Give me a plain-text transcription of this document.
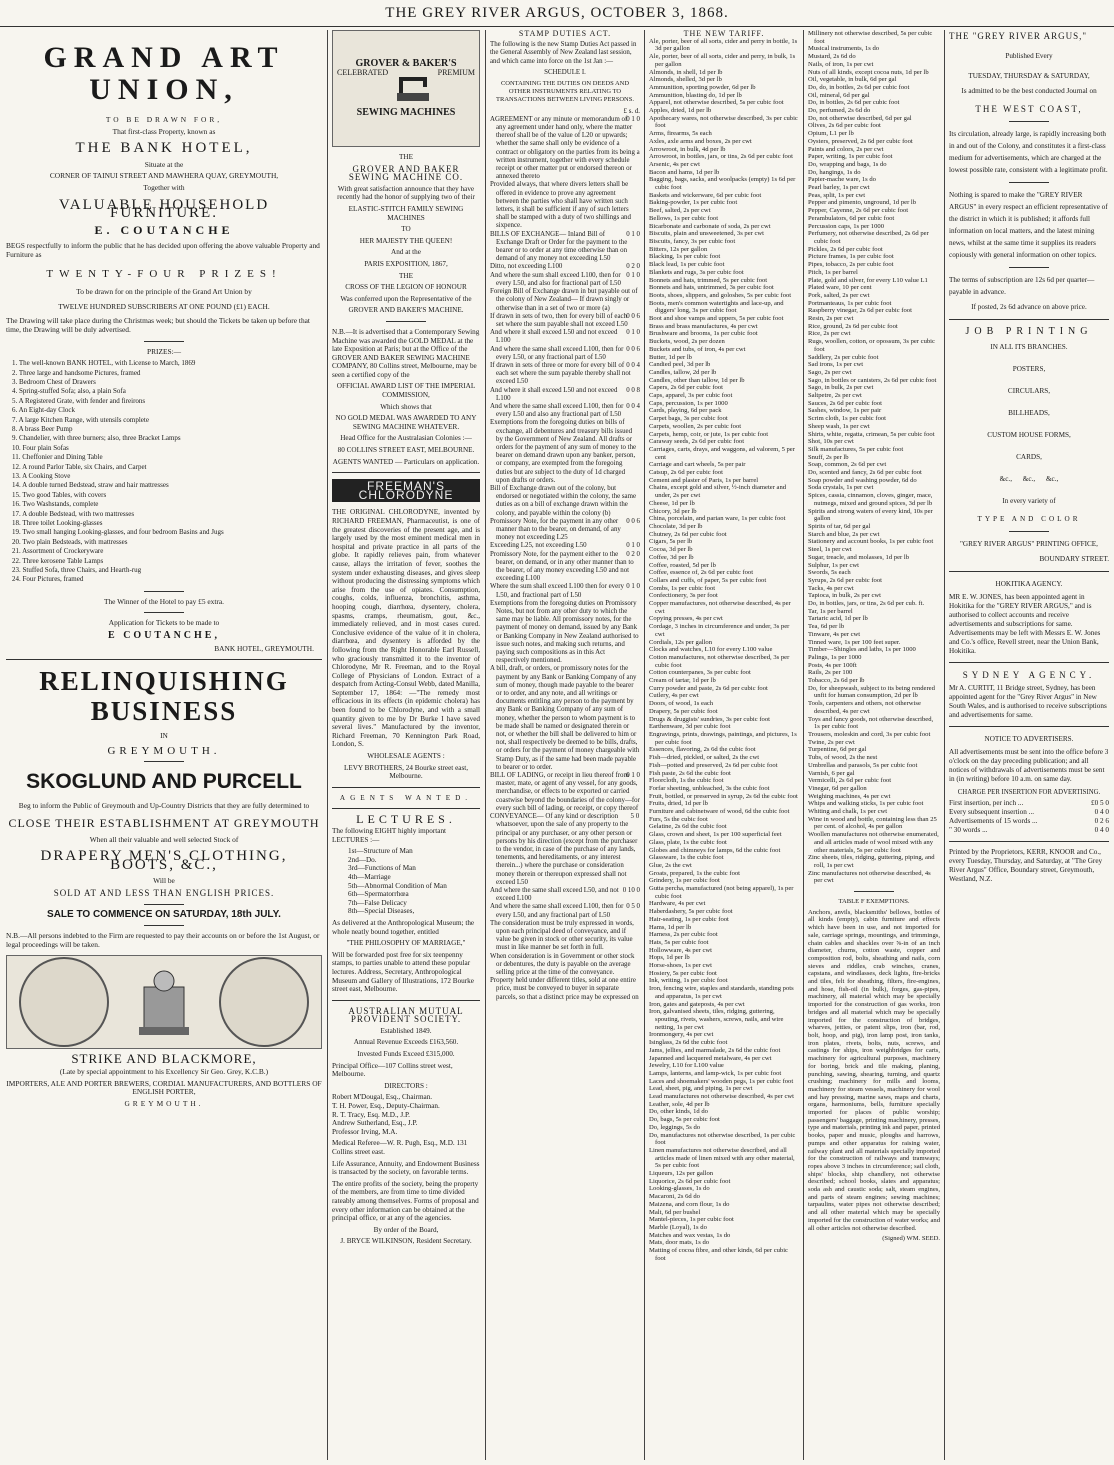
THE GREY RIVER ARGUS, OCTOBER 3, 1868.
GRAND ART UNION,
TO BE DRAWN FOR,
That first-class Property, known as
THE BANK HOTEL,
Situate at the
CORNER OF TAINUI STREET AND MAWHERA QUAY, GREYMOUTH,
Together with
VALUABLE HOUSEHOLD FURNITURE.
E. COUTANCHE
BEGS respectfully to inform the public that he has decided upon offering the above valuable Property and Furniture as
TWENTY-FOUR PRIZES!
To be drawn for on the principle of the Grand Art Union by
TWELVE HUNDRED SUBSCRIBERS AT ONE POUND (£1) EACH.
The Drawing will take place during the Christmas week; but should the Tickets be taken up before that time, the Drawing will be duly advertised.
PRIZES:—
1. The well-known BANK HOTEL, with License to March, 1869
2. Three large and handsome Pictures, framed
3. Bedroom Chest of Drawers
4. Spring-stuffed Sofa; also, a plain Sofa
5. A Registered Grate, with fender and fireirons
6. An Eight-day Clock
7. A large Kitchen Range, with utensils complete
8. A brass Beer Pump
9. Chandelier, with three burners; also, three Bracket Lamps
10. Four plain Sofas
11. Cheffonier and Dining Table
12. A round Parlor Table, six Chairs, and Carpet
13. A Cooking Stove
14. A double turned Bedstead, straw and hair mattresses
15. Two good Tables, with covers
16. Two Washstands, complete
17. A double Bedstead, with two mattresses
18. Three toilet Looking-glasses
19. Two small hanging Looking-glasses, and four bedroom Basins and Jugs
20. Two plain Bedsteads, with mattresses
21. Assortment of Crockeryware
22. Three kerosene Table Lamps
23. Stuffed Sofa, three Chairs, and Hearth-rug
24. Four Pictures, framed
The Winner of the Hotel to pay £5 extra.
Application for Tickets to be made to
E COUTANCHE,
BANK HOTEL, GREYMOUTH.
RELINQUISHING BUSINESS
IN
GREYMOUTH.
SKOGLUND AND PURCELL
Beg to inform the Public of Greymouth and Up-Country Districts that they are fully determined to
CLOSE THEIR ESTABLISHMENT AT GREYMOUTH
When all their valuable and well selected Stock of
DRAPERY MEN'S CLOTHING, BOOTS, &C.,
Will be
SOLD AT AND LESS THAN ENGLISH PRICES.
SALE TO COMMENCE ON SATURDAY, 18th JULY.
N.B.—All persons indebted to the Firm are requested to pay their accounts on or before the 1st August, or legal proceedings will be taken.
STRIKE AND BLACKMORE,
(Late by special appointment to his Excellency Sir Geo. Grey, K.C.B.)
IMPORTERS, ALE AND PORTER BREWERS, CORDIAL MANUFACTURERS, AND BOTTLERS OF ENGLISH PORTER,
GREYMOUTH.
GROVER & BAKER'S
CELEBRATED	PREMIUM
SEWING MACHINES
THE
GROVER AND BAKER SEWING MACHINE CO.
With great satisfaction announce that they have recently had the honor of supplying two of their
ELASTIC-STITCH FAMILY SEWING MACHINES
TO
HER MAJESTY THE QUEEN!
And at the
PARIS EXPOSITION, 1867,
THE
CROSS OF THE LEGION OF HONOUR
Was conferred upon the Representative of the
GROVER AND BAKER'S MACHINE.
N.B.—It is advertised that a Contemporary Sewing Machine was awarded the GOLD MEDAL at the late Exposition at Paris; but at the Office of the GROVER AND BAKER SEWING MACHINE COMPANY, 80 Collins street, Melbourne, may be seen a certified copy of the
OFFICIAL AWARD LIST OF THE IMPERIAL COMMISSION,
Which shows that
NO GOLD MEDAL WAS AWARDED TO ANY SEWING MACHINE WHATEVER.
Head Office for the Australasian Colonies :—
80 COLLINS STREET EAST, MELBOURNE.
AGENTS WANTED — Particulars on application.
FREEMAN'S CHLORODYNE
THE ORIGINAL CHLORODYNE, invented by RICHARD FREEMAN, Pharmaceutist, is one of the greatest discoveries of the present age, and is largely used by the most eminent medical men in hospital and private practice in all parts of the globe. It rapidly relieves pain, from whatever cause, allays the irritation of fever, soothes the system under exhausting diseases, and gives sleep without producing the distressing symptoms which arise from the use of opiates. Consumption, coughs, colds, influenza, bronchitis, asthma, hooping cough, diarrhœa, dysentery, cholera, spasms, cramps, rheumatism, gout, &c., immediately relieved, and in most cases cured. Conclusive evidence of the value of it in cholera, diarrhœa, and dysentery is afforded by the following from the Right Honorable Earl Russell, who graciously transmitted it to the inventor of Chlorodyne, Mr R. Freeman, and to the Royal College of Physicians of London. Extract of a despatch from Acting-Consul Webb, dated Manilla, September 17, 1864: —"The remedy most efficacious in its effects (in epidemic cholera) has been found to be Chlorodyne, and with a small quantity given to me by Dr Burke I have saved several lives." Manufactured by the inventor, Richard Freeman, 70 Kennington Park Road, London, S.
WHOLESALE AGENTS :
LEVY BROTHERS, 24 Bourke street east, Melbourne.
AGENTS WANTED.
LECTURES.
The following EIGHT highly important LECTURES :—
1st—Structure of Man
2nd—Do.
3rd—Functions of Man
4th—Marriage
5th—Abnormal Condition of Man
6th—Spermatorrhœa
7th—False Delicacy
8th—Special Diseases,
As delivered at the Anthropological Museum; the whole neatly bound together, entitled
"THE PHILOSOPHY OF MARRIAGE,"
Will be forwarded post free for six teenpenny stamps, to parties unable to attend these popular lectures. Address, Secretary, Anthropological Museum and Gallery of Illustrations, 172 Bourke street east, Melbourne.
AUSTRALIAN MUTUAL PROVIDENT SOCIETY.
Established 1849.
Annual Revenue Exceeds £163,560.
Invested Funds Exceed £315,000.
Principal Office—107 Collins street west, Melbourne.
DIRECTORS :
Robert M'Dougal, Esq., Chairman.
T. H. Power, Esq., Deputy-Chairman.
R. T. Tracy, Esq. M.D., J.P.
Andrew Sutherland, Esq., J.P.
Professor Irving, M.A.
Medical Referee—W. R. Pugh, Esq., M.D. 131 Collins street east.
Life Assurance, Annuity, and Endowment Business is transacted by the society, on favorable terms.
The entire profits of the society, being the property of the members, are from time to time divided rateably among themselves. Forms of proposal and every other information can be obtained at the principal office, or at any of the agencies.
By order of the Board,
J. BRYCE WILKINSON, Resident Secretary.
STAMP DUTIES ACT.
The following is the new Stamp Duties Act passed in the General Assembly of New Zealand last session, and which came into force on the 1st Jan :—
SCHEDULE I.
CONTAINING THE DUTIES ON DEEDS AND OTHER INSTRUMENTS RELATING TO TRANSACTIONS BETWEEN LIVING PERSONS.
£ s. d.
0 1 0
AGREEMENT or any minute or memorandum of any agreement under hand only, where the matter thereof shall be of the value of L20 or upwards; whether the same shall only be evidence of a contract or obligatory on the parties from its being a written instrument, together with every schedule receipt or other matter put or endorsed thereon or annexed thereto
Provided always, that where divers letters shall be offered in evidence to prove any agreement between the parties who shall have written such letters, it shall be sufficient if any of such letters shall be stamped with a duty of two shillings and sixpence.
0 1 0
BILLS OF EXCHANGE— Inland Bill of Exchange Draft or Order for the payment to the bearer or to order at any time otherwise than on demand of any money not exceeding L50
0 2 0
Ditto, not exceeding L100
0 1 0
And where the sum shall exceed L100, then for every L50, and also for fractional part of L50
Foreign Bill of Exchange drawn in but payable out of the colony of New Zealand— If drawn singly or otherwise than in a set of two or more (a)
0 0 6
If drawn in sets of two, then for every bill of each set where the sum payable shall not exceed L50
0 1 0
And where it shall exceed L50 and not exceed L100
0 0 6
And where the same shall exceed L100, then for every L50, or any fractional part of L50
0 0 4
If drawn in sets of three or more for every bill of each set where the sum payable thereby shall not exceed L50
0 0 8
And where it shall exceed L50 and not exceed L100
0 0 4
And where the same shall exceed L100, then for every L50 and also any fractional part of L50
Exemptions from the foregoing duties on bills of exchange, all debentures and treasury bills issued by the Government of New Zealand. All drafts or orders for the payment of any sum of money to the bearer on demand drawn upon any banker, person, or company, are exempted from the foregoing duties but are subject to the duty of 1d charged upon drafts or orders.
Bill of Exchange drawn out of the colony, but endorsed or negotiated within the colony, the same duties as on a bill of exchange drawn within the colony, and payable within the colony (b)
0 0 6
Promissory Note, for the payment in any other manner than to the bearer, on demand, of any money not exceeding L25
0 1 0
Exceeding L25, not exceeding L50
0 2 0
Promissory Note, for the payment either to the bearer, on demand, or in any other manner than to the bearer, of any money exceeding L50 and not exceeding L100
0 1 0
Where the sum shall exceed L100 then for every L50, and fractional part of L50
Exemptions from the foregoing duties on Promissory Notes, but not from any other duty to which the same may be liable. All promissory notes, for the payment of money on demand, issued by any Bank or Banking Company in New Zealand authorised to issue such notes, and making such returns, and paying such compositions as in this Act respectively mentioned.
A bill, draft, or orders, or promissory notes for the payment by any Bank or Banking Company of any sum of money, though made payable to the bearer or to order, and any note, and all writings or documents entitling any person to the payment by any Bank or Banking Company of any sum of money, whether the person to whom payment is to be made shall be named or designated therein or not, or whether the bill shall be delivered to him or not, shall respectively be deemed to be bills, drafts, or orders for the payment of money chargeable with Stamp Duty, as if the same had been made payable to bearer or to order.
0 1 0
BILL OF LADING, or receipt in lieu thereof from master, mate, or agent of any vessel, for any goods, merchandise, or effects to be exported or carried coastwise beyond the boundaries of the colony—for every such bill of lading, or receipt, or copy thereof
5 0
CONVEYANCE— Of any kind or description whatsoever, upon the sale of any property to the principal or any purchaser, or any other person or persons by his direction (except from the purchaser to the vendor, in case of the purchase of any lands, tenements, and hereditaments, or any interest therein...) where the purchase or consideration money therein or thereupon expressed shall not exceed L50
0 10 0
And where the same shall exceed L50, and not exceed L100
0 5 0
And where the same shall exceed L100, then for every L50, and any fractional part of L50
The consideration must be truly expressed in words, upon each principal deed of conveyance, and if value be given in stock or other security, its value must in like manner be set forth in full.
When consideration is in Government or other stock or debentures, the duty is payable on the average selling price at the time of the conveyance.
Property held under different titles, sold at one entire price, must be conveyed to buyer in separate parcels, so that a distinct price may be expressed on
THE NEW TARIFF.
Ale, porter, beer of all sorts, cider and perry in bottle, 1s 3d per gallon
Ale, porter, beer of all sorts, cider and perry, in bulk, 1s per gallon
Almonds, in shell, 1d per lb
Almonds, shelled, 3d per lb
Ammunition, sporting powder, 6d per lb
Ammunition, blasting do, 1d per lb
Apparel, not otherwise described, 5s per cubic foot
Apples, dried, 1d per lb
Apothecary wares, not otherwise described, 3s per cubic foot
Arms, firearms, 5s each
Axles, axle arms and boxes, 2s per cwt
Arrowroot, in bulk, 4d per lb
Arrowroot, in bottles, jars, or tins, 2s 6d per cubic foot
Arsenic, 4s per cwt
Bacon and hams, 1d per lb
Bagging, bags, sacks, and woolpacks (empty) 1s 6d per cubic foot
Baskets and wickerware, 6d per cubic foot
Baking-powder, 1s per cubic foot
Beef, salted, 2s per cwt
Bellows, 1s per cubic foot
Bicarbonate and carbonate of soda, 2s per cwt
Biscuits, plain and unsweetened, 3s per cwt
Biscuits, fancy, 3s per cubic foot
Bitters, 12s per gallon
Blacking, 1s per cubic foot
Black lead, 1s per cubic foot
Blankets and rugs, 3s per cubic foot
Bonnets and hats, trimmed, 5s per cubic foot
Bonnets and hats, untrimmed, 3s per cubic foot
Boots, shoes, slippers, and goloshes, 5s per cubic foot
Boots, men's common watertights and lace-up, and diggers' long, 3s per cubic foot
Boot and shoe vamps and uppers, 5s per cubic foot
Brass and brass manufactures, 4s per cwt
Brushware and brooms, 1s per cubic foot
Buckets, wood, 2s per dozen
Buckets and tubs, of iron, 4s per cwt
Butter, 1d per lb
Candied peel, 3d per lb
Candles, tallow, 2d per lb
Candles, other than tallow, 1d per lb
Capers, 2s 6d per cubic foot
Caps, apparel, 3s per cubic foot
Caps, percussion, 1s per 1000
Cards, playing, 6d per pack
Carpet bags, 3s per cubic foot
Carpets, woollen, 2s per cubic foot
Carpets, hemp, coir, or jute, 1s per cubic foot
Caraway seeds, 2s 6d per cubic foot
Carriages, carts, drays, and waggons, ad valorem, 5 per cent
Carriage and cart wheels, 5s per pair
Catsup, 2s 6d per cubic foot
Cement and plaster of Paris, 1s per barrel
Chains, except gold and silver, ½-inch diameter and under, 2s per cwt
Cheese, 1d per lb
Chicory, 3d per lb
China, porcelain, and parian ware, 1s per cubic foot
Chocolate, 3d per lb
Chutney, 2s 6d per cubic foot
Cigars, 5s per lb
Cocoa, 3d per lb
Coffee, 3d per lb
Coffee, roasted, 5d per lb
Coffee, essence of, 2s 6d per cubic foot
Collars and cuffs, of paper, 5s per cubic foot
Combs, 1s per cubic foot
Confectionery, 3s per foot
Copper manufactures, not otherwise described, 4s per cwt
Copying presses, 4s per cwt
Cordage, 3 inches in circumference and under, 3s per cwt
Cordials, 12s per gallon
Clocks and watches, L10 for every L100 value
Cotton manufactures, not otherwise described, 3s per cubic foot
Cotton counterpanes, 3s per cubic foot
Cream of tartar, 1d per lb
Curry powder and paste, 2s 6d per cubic foot
Cutlery, 4s per cwt
Doors, of wood, 1s each
Drapery, 5s per cubic foot
Drugs & druggists' sundries, 3s per cubic foot
Earthenware, 3d per cubic foot
Engravings, prints, drawings, paintings, and pictures, 1s per cubic foot
Essences, flavoring, 2s 6d the cubic foot
Fish—dried, pickled, or salted, 2s the cwt
Fish—potted and preserved, 2s 6d per cubic foot
Fish paste, 2s 6d the cubic foot
Floorcloth, 1s the cubic foot
Forfar sheeting, unbleached, 3s the cubic foot
Fruit, bottled, or preserved in syrup, 2s 6d the cubic foot
Fruits, dried, 1d per lb
Furniture and cabinetware of wood, 6d the cubic foot
Furs, 5s the cubic foot
Gelatine, 2s 6d the cubic foot
Glass, crown and sheet, 1s per 100 superficial feet
Glass, plate, 1s the cubic foot
Globes and chimneys for lamps, 6d the cubic foot
Glassware, 1s the cubic foot
Glue, 2s the cwt
Groats, prepared, 1s the cubic foot
Grindery, 1s per cubic foot
Gutta percha, manufactured (not being apparel), 1s per cubic foot
Hardware, 4s per cwt
Haberdashery, 5s per cubic foot
Hair-seating, 1s per cubic foot
Hams, 1d per lb
Harness, 2s per cubic foot
Hats, 5s per cubic foot
Hollowware, 4s per cwt
Hops, 1d per lb
Horse-shoes, 1s per cwt
Hosiery, 5s per cubic foot
Ink, writing, 1s per cubic foot
Iron, fencing wire, staples and standards, standing pots and apparatus, 1s per cwt
Iron, gates and gateposts, 4s per cwt
Iron, galvanised sheets, tiles, ridging, guttering, spouting, rivets, washers, screws, nails, and wire netting, 1s per cwt
Ironmongery, 4s per cwt
Isinglass, 2s 6d the cubic foot
Jams, jellies, and marmalade, 2s 6d the cubic foot
Japanned and lacquered metalware, 4s per cwt
Jewelry, L10 for L100 value
Lamps, lanterns, and lamp-wick, 1s per cubic foot
Laces and shoemakers' wooden pegs, 1s per cubic foot
Lead, sheet, pig, and piping, 1s per cwt
Lead manufactures not otherwise described, 4s per cwt
Leather, sole, 4d per lb
Do, other kinds, 1d do
Do, bags, 5s per cubic foot
Do, leggings, 5s do
Do, manufactures not otherwise described, 1s per cubic foot
Linen manufactures not otherwise described, and all articles made of linen mixed with any other material, 5s per cubic foot
Liqueurs, 12s per gallon
Liquorice, 2s 6d per cubic foot
Looking-glasses, 1s do
Macaroni, 2s 6d do
Maizena, and corn flour, 1s do
Malt, 6d per bushel
Mantel-pieces, 1s per cubic foot
Marble (Loyal), 1s do
Matches and wax vestas, 1s do
Mats, door mats, 1s do
Matting of cocoa fibre, and other kinds, 6d per cubic foot
Millinery not otherwise described, 5s per cubic foot
Musical instruments, 1s do
Mustard, 2s 6d do
Nails, of iron, 1s per cwt
Nuts of all kinds, except cocoa nuts, 1d per lb
Oil, vegetable, in bulk, 6d per gal
Do, do, in bottles, 2s 6d per cubic foot
Oil, mineral, 6d per gal
Do, in bottles, 2s 6d per cubic foot
Do, perfumed, 2s 6d do
Do, not otherwise described, 6d per gal
Olives, 2s 6d per cubic foot
Opium, L1 per lb
Oysters, preserved, 2s 6d per cubic foot
Paints and colors, 2s per cwt
Paper, writing, 1s per cubic foot
Do, wrapping and bags, 1s do
Do, hangings, 1s do
Papier-mache ware, 1s do
Pearl barley, 1s per cwt
Peas, split, 1s per cwt
Pepper and pimento, unground, 1d per lb
Pepper, Cayenne, 2s 6d per cubic foot
Perambulators, 6d per cubic foot
Percussion caps, 1s per 1000
Perfumery, not otherwise described, 2s 6d per cubic foot
Pickles, 2s 6d per cubic foot
Picture frames, 1s per cubic foot
Pipes, tobacco, 2s per cubic foot
Pitch, 1s per barrel
Plate, gold and silver, for every L10 value L1
Plated ware, 10 per cent
Pork, salted, 2s per cwt
Portmanteaus, 1s per cubic foot
Raspberry vinegar, 2s 6d per cubic foot
Resin, 2s per cwt
Rice, ground, 2s 6d per cubic foot
Rice, 2s per cwt
Rugs, woollen, cotton, or opossum, 3s per cubic foot
Saddlery, 2s per cubic foot
Sad irons, 1s per cwt
Sago, 2s per cwt
Sago, in bottles or canisters, 2s 6d per cubic foot
Sago, in bulk, 2s per cwt
Saltpetre, 2s per cwt
Sauces, 2s 6d per cubic foot
Sashes, window, 1s per pair
Scrim cloth, 1s per cubic foot
Sheep wash, 1s per cwt
Shirts, white, regatta, crimean, 5s per cubic foot
Shot, 10s per cwt
Silk manufactures, 5s per cubic foot
Snuff, 2s per lb
Soap, common, 2s 6d per cwt
Do, scented and fancy, 2s 6d per cubic foot
Soap powder and washing powder, 6d do
Soda crystals, 1s per cwt
Spices, cassia, cinnamon, cloves, ginger, mace, nutmegs, mixed and ground spices, 3d per lb
Spirits and strong waters of every kind, 10s per gallon
Spirits of tar, 6d per gal
Starch and blue, 2s per cwt
Stationery and account books, 1s per cubic foot
Steel, 1s per cwt
Sugar, treacle, and molasses, 1d per lb
Sulphur, 1s per cwt
Swords, 5s each
Syrups, 2s 6d per cubic foot
Tacks, 4s per cwt
Tapioca, in bulk, 2s per cwt
Do, in bottles, jars, or tins, 2s 6d per cub. ft.
Tar, 1s per barrel
Tartaric acid, 1d per lb
Tea, 6d per lb
Tinware, 4s per cwt
Tinned ware, 1s per 100 feet super.
Timber—Shingles and laths, 1s per 1000
Palings, 1s per 1000
Posts, 4s per 100ft
Rails, 2s per 100
Tobacco, 2s 6d per lb
Do, for sheepwash, subject to its being rendered unfit for human consumption, 2d per lb
Tools, carpenters and others, not otherwise described, 4s per cwt
Toys and fancy goods, not otherwise described, 1s per cubic foot
Trousers, moleskin and cord, 3s per cubic foot
Twine, 2s per cwt
Turpentine, 6d per gal
Tubs, of wood, 2s the nest
Umbrellas and parasols, 5s per cubic foot
Varnish, 6 per gal
Vermicelli, 2s 6d per cubic foot
Vinegar, 6d per gallon
Weighing machines, 4s per cwt
Whips and walking sticks, 1s per cubic foot
Whiting and chalk, 1s per cwt
Wine in wood and bottle, containing less than 25 per cent. of alcohol, 4s per gallon
Woollen manufactures not otherwise enumerated, and all articles made of wool mixed with any other materials, 5s per cubic foot
Zinc sheets, tiles, ridging, guttering, piping, and roll, 1s per cwt
Zinc manufactures not otherwise described, 4s per cwt
TABLE F EXEMPTIONS.
Anchors, anvils, blacksmiths' bellows, bottles of all kinds (empty), cabin furniture and effects which have been in use, and not imported for sale, carriage springs, mountings, and trimmings, chain cables and shackles over ⅝-in of an inch diameter, churns, cotton waste, copper and composition rod, bolts, sheathing and nails, corn sieves and riddles, crab winches, cranes, capstans, and windlasses, deck lights, fire-bricks and tiles, felt for sheathing, filters, fire-engines, and hose, fish-oil (in bulk), forges, gas-pipes, machinery, all material which may be specially imported for the construction of gas works, iron bridges and all material which may be specially imported for the construction of bridges, wharves, jetties, or patent slips, iron (bar, rod, bolt, hoop, and pig), iron lamp post, iron tanks, iron plates, rivets, bolts, nuts, screws, and castings for ships, iron weighbridges for carts, machinery for agricultural purposes, machinery for boring, brick and tile making, planing, punching, sawing, shearing, turning, and quartz crushing; machinery for mills and looms, machinery for steam vessels, machinery for wool and hay pressing, marine saws, maps and charts, organs, harmoniums, bells, furniture specially imported for places of public worship; passengers' baggage, printing machinery, presses, type and materials, printing ink and paper, printed books, paper and music, ploughs and harrows, pumps and other apparatus for raising water, railway plant and all materials specially imported for the construction of railways and tramways; ropes above 3 inches in circumference; sail cloth, ships' blocks, ship chandlery, not otherwise described; school books, slates and apparatus; soda ash and caustic soda; salt, steam engines, and parts of steam engines; sewing machines; tarpaulins, water pipes not otherwise described; and all other material which may be specially imported for the construction of water works; and all other articles not otherwise described.
(Signed) WM. SEED.
THE "GREY RIVER ARGUS,"
Published Every
TUESDAY, THURSDAY & SATURDAY,
Is admitted to be the best conducted Journal on
THE WEST COAST,
Its circulation, already large, is rapidly increasing both in and out of the Colony, and constitutes it a first-class medium for advertisements, which are charged at the lowest possible rate, consistent with a legitimate profit.
Nothing is spared to make the "GREY RIVER ARGUS" in every respect an efficient representative of the district in which it is published; it affords full information on local matters, and the latest mining news, whilst at the same time it supplies its readers copiously with general information on other topics.
The terms of subscription are 12s 6d per quarter—payable in advance.
If posted, 2s 6d advance on above price.
JOB PRINTING
IN ALL ITS BRANCHES.
POSTERS,
CIRCULARS,
BILLHEADS,
CUSTOM HOUSE FORMS,
CARDS,
&c.,      &c.,      &c.,
In every variety of
TYPE AND COLOR
"GREY RIVER ARGUS" PRINTING OFFICE,
BOUNDARY STREET.
HOKITIKA AGENCY.
MR E. W. JONES, has been appointed agent in Hokitika for the "GREY RIVER ARGUS," and is authorised to collect accounts and receive advertisements and subscriptions for same. Advertisements may be left with Messrs E. W. Jones and Co.'s office, Revell street, near the Union Bank, Hokitika.
SYDNEY AGENCY.
Mr A. CURTIT, 11 Bridge street, Sydney, has been appointed agent for the "Grey River Argus" in New South Wales, and is authorised to receive subscriptions and advertisements for same.
NOTICE TO ADVERTISERS.
All advertisements must be sent into the office before 3 o'clock on the day preceding publication; and all notices of withdrawals of advertisements must be sent in (in writing) before 10 a.m. on same day.
CHARGE PER INSERTION FOR ADVERTISING.
First insertion, per inch ...	£0 5 0
Every subsequent insertion ...	0 4 0
Advertisements of 15 words ...	0 2 6
" 30 words ...	0 4 0
Printed by the Proprietors, KERR, KNOOR and Co., every Tuesday, Thursday, and Saturday, at "The Grey River Argus" Office, Boundary street, Greymouth, Westland, N.Z.
